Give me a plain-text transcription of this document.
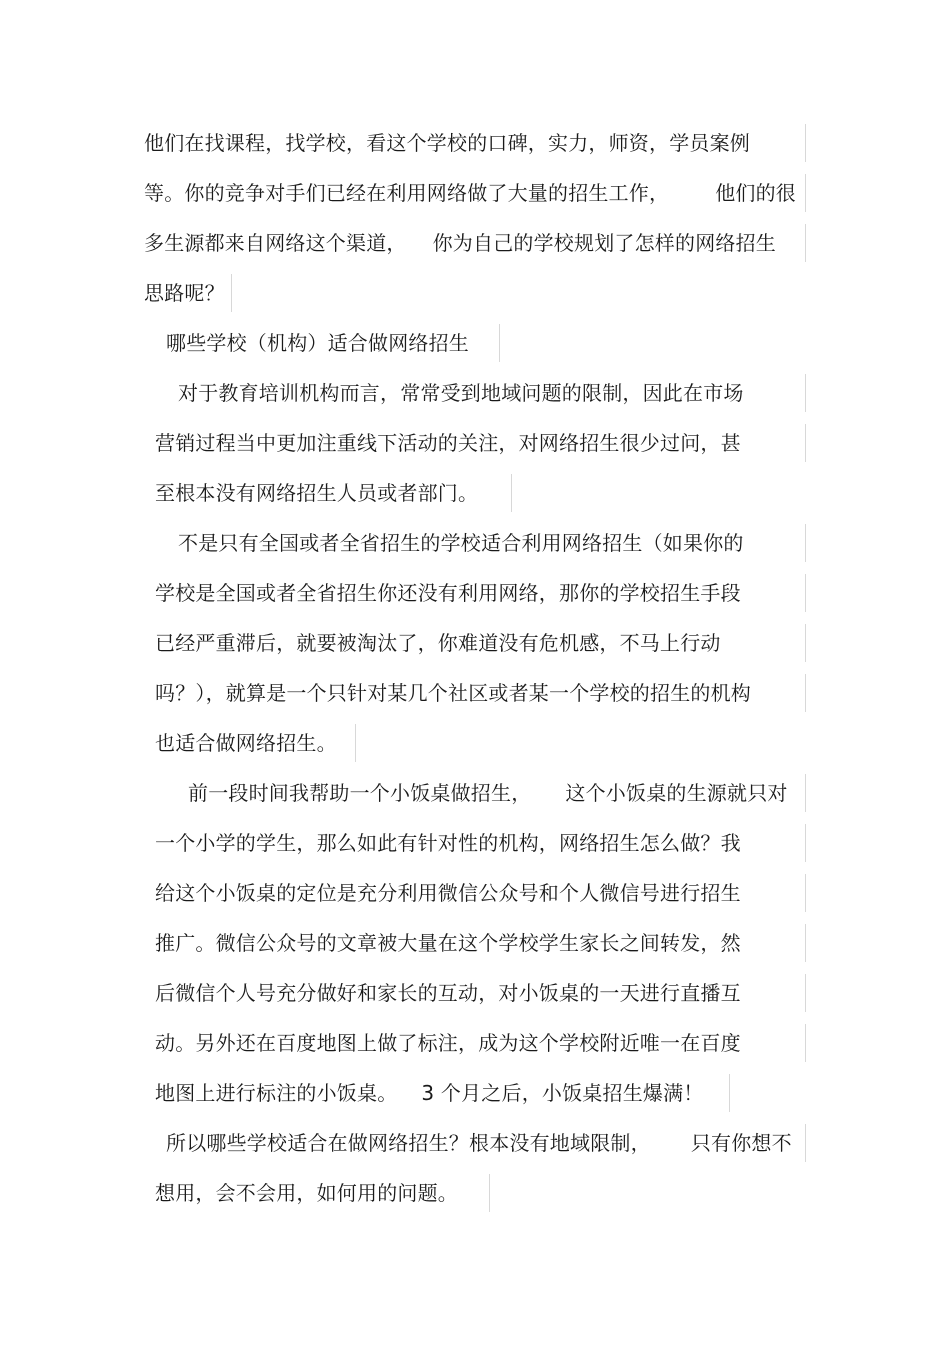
他们在找课程，找学校，看这个学校的口碑，实力，师资，学员案例
等。你的竞争对手们已经在利用网络做了大量的招生工作， 他们的很
多生源都来自网络这个渠道， 你为自己的学校规划了怎样的网络招生
思路呢？
哪些学校（机构）适合做网络招生
对于教育培训机构而言，常常受到地域问题的限制，因此在市场
营销过程当中更加注重线下活动的关注，对网络招生很少过问，甚
至根本没有网络招生人员或者部门。
不是只有全国或者全省招生的学校适合利用网络招生（如果你的
学校是全国或者全省招生你还没有利用网络，那你的学校招生手段
已经严重滞后，就要被淘汰了，你难道没有危机感，不马上行动
吗？），就算是一个只针对某几个社区或者某一个学校的招生的机构
也适合做网络招生。
前一段时间我帮助一个小饭桌做招生， 这个小饭桌的生源就只对
一个小学的学生，那么如此有针对性的机构，网络招生怎么做？我
给这个小饭桌的定位是充分利用微信公众号和个人微信号进行招生
推广。微信公众号的文章被大量在这个学校学生家长之间转发，然
后微信个人号充分做好和家长的互动，对小饭桌的一天进行直播互
动。另外还在百度地图上做了标注，成为这个学校附近唯一在百度
地图上进行标注的小饭桌。 3 个月之后，小饭桌招生爆满！
所以哪些学校适合在做网络招生？根本没有地域限制， 只有你想不
想用，会不会用，如何用的问题。
